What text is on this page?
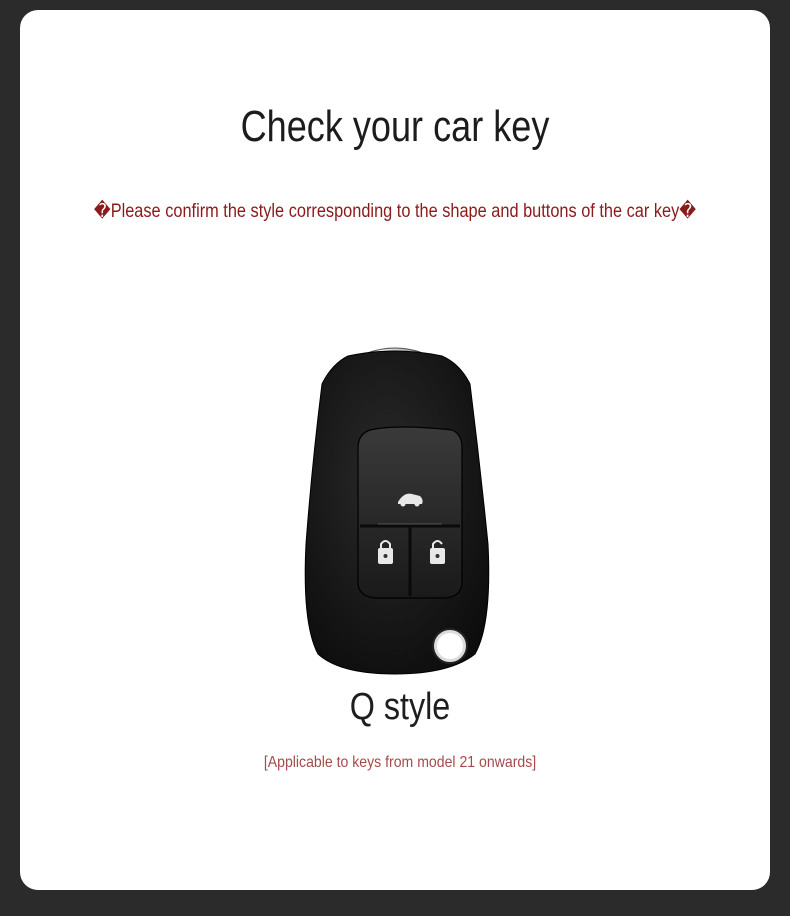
Check your car key
�Please confirm the style corresponding to the shape and buttons of the car key�
Q style
[Applicable to keys from model 21 onwards]
